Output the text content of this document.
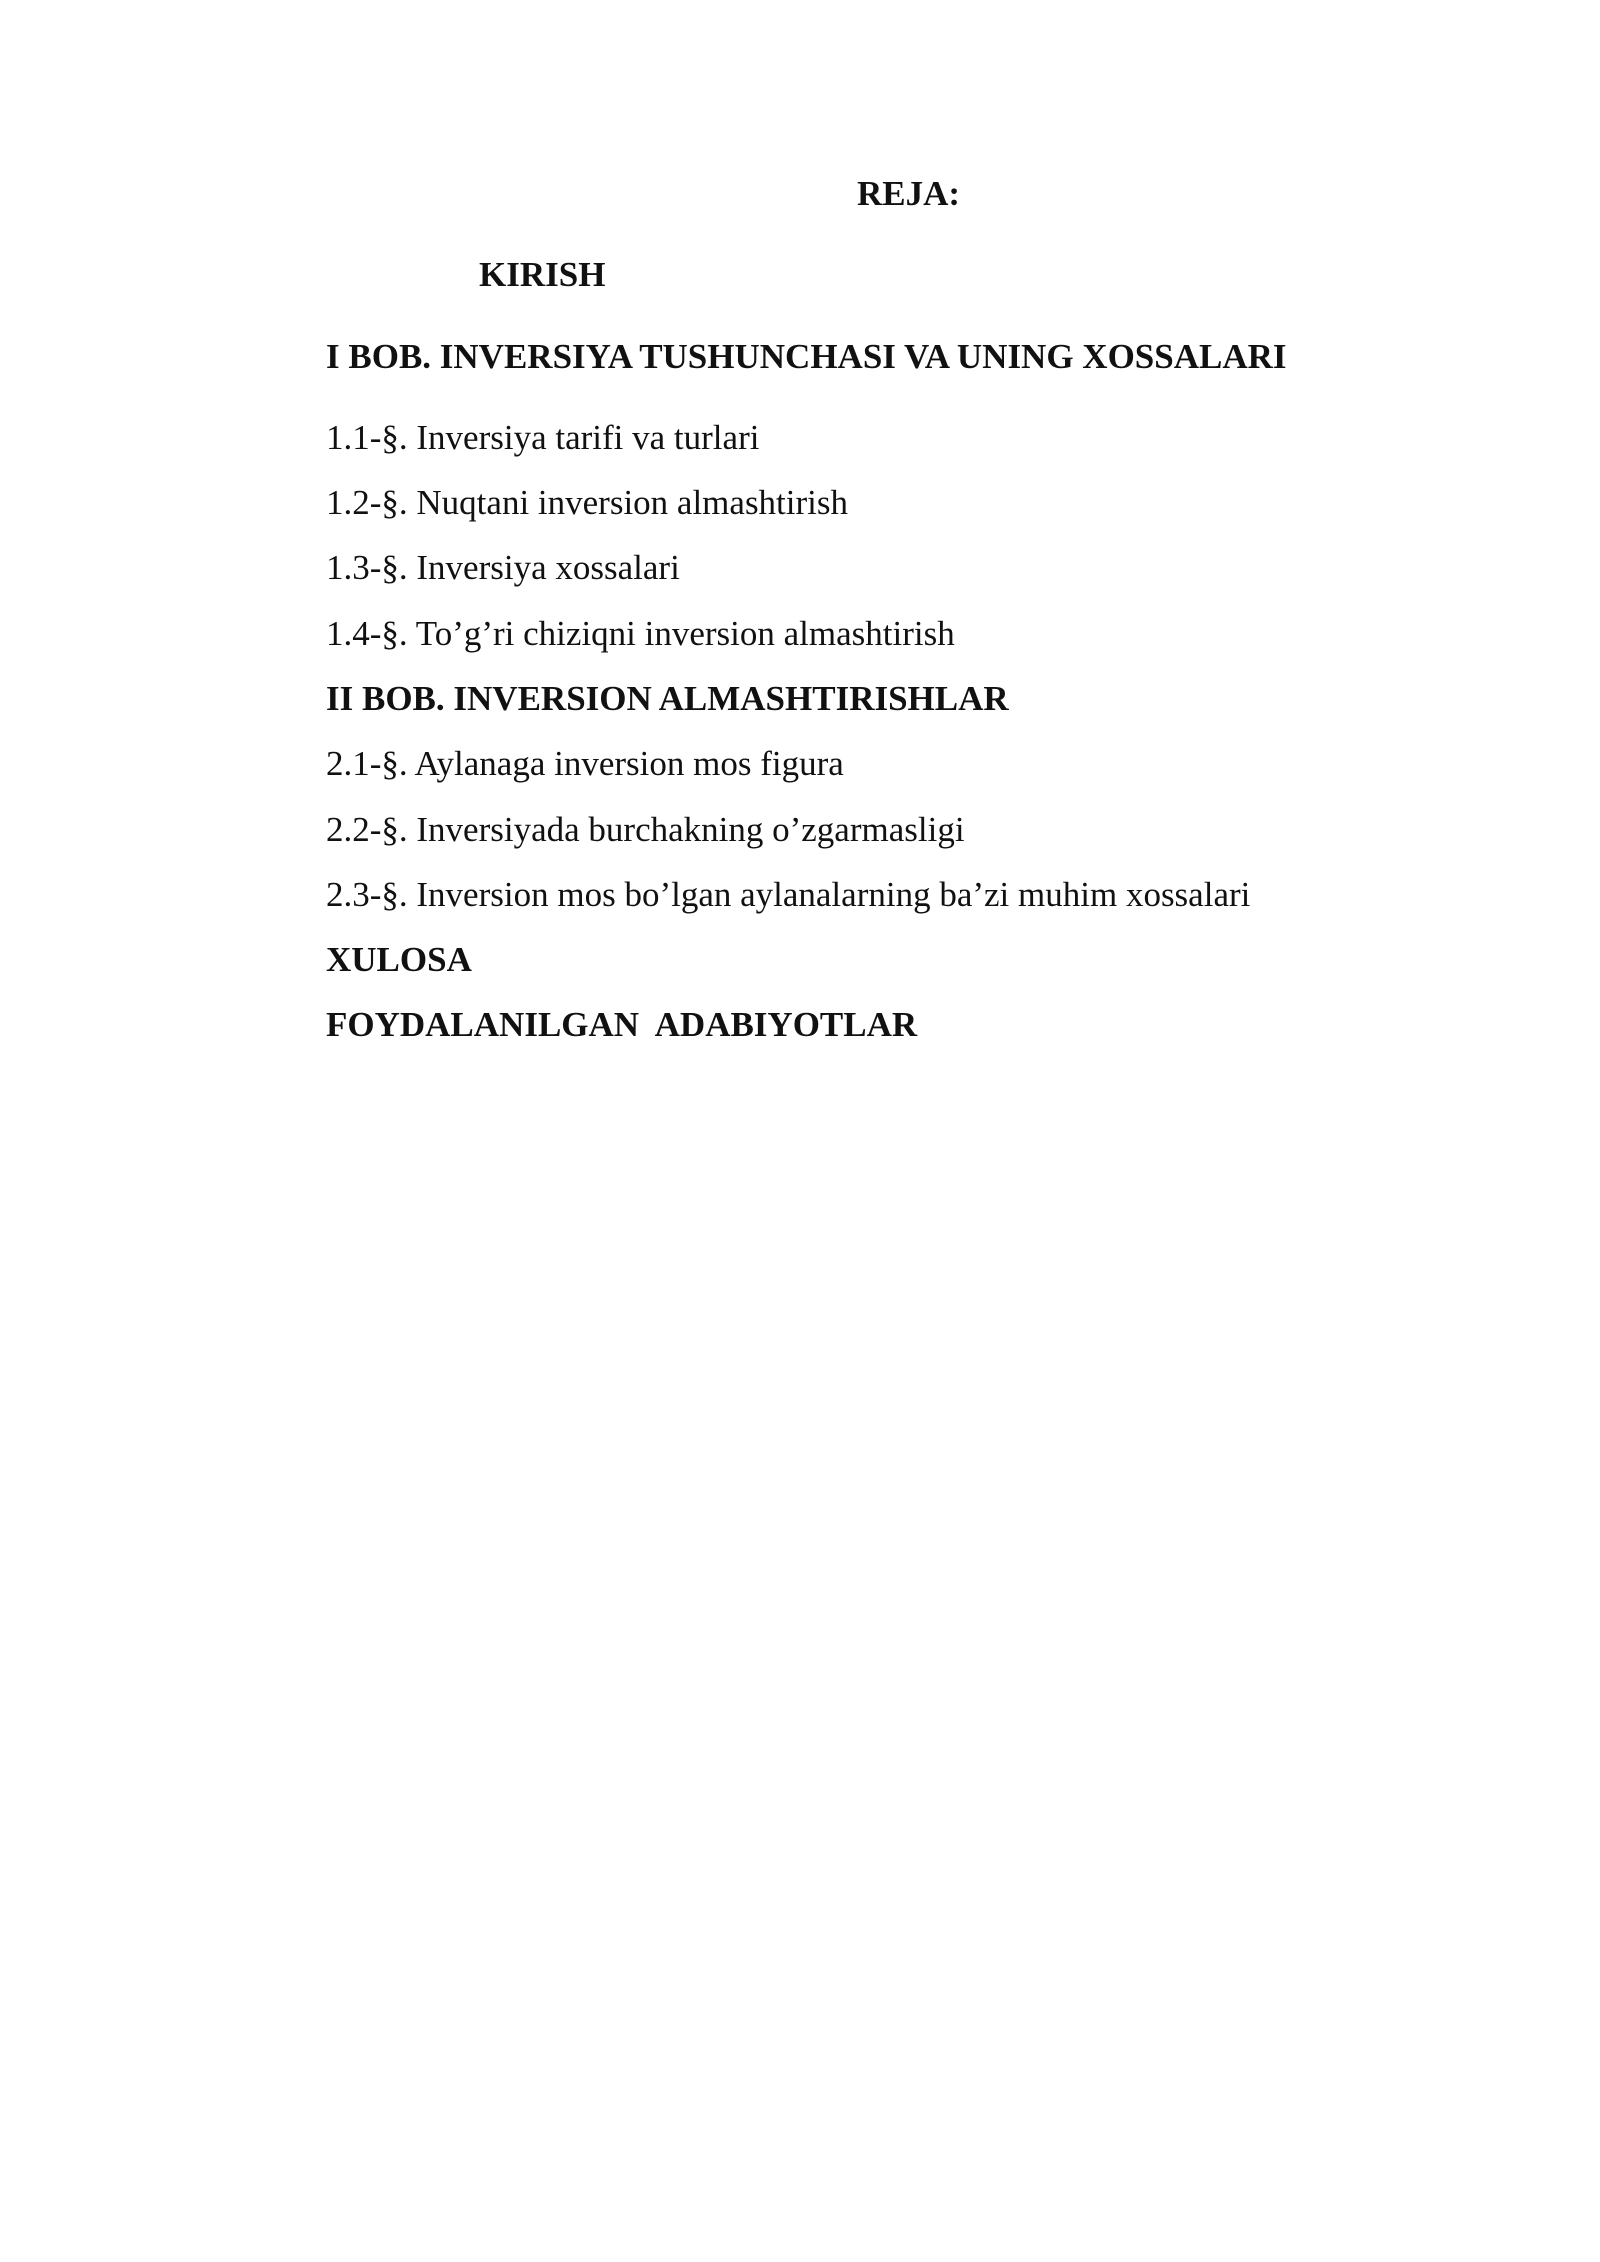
REJA:
KIRISH
I BOB. INVERSIYA TUSHUNCHASI VA UNING XOSSALARI
1.1-§. Inversiya tarifi va turlari
1.2-§. Nuqtani inversion almashtirish
1.3-§. Inversiya xossalari
1.4-§. To’g’ri chiziqni inversion almashtirish
II BOB. INVERSION ALMASHTIRISHLAR
2.1-§. Aylanaga inversion mos figura
2.2-§. Inversiyada burchakning o’zgarmasligi
2.3-§. Inversion mos bo’lgan aylanalarning ba’zi muhim xossalari
XULOSA
FOYDALANILGAN  ADABIYOTLAR
